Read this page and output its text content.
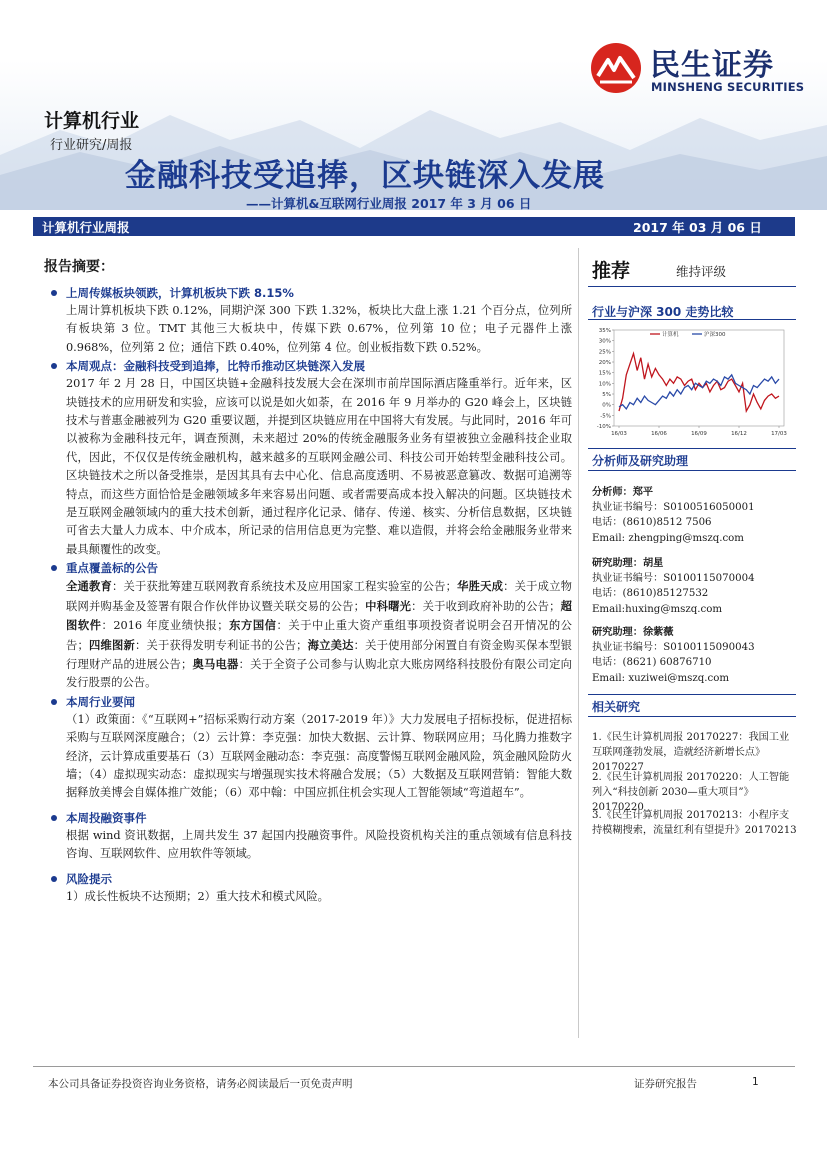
民生证券
MINSHENG SECURITIES
计算机行业
行业研究/周报
金融科技受追捧，区块链深入发展
——计算机&互联网行业周报 2017 年 3 月 06 日
计算机行业周报	2017 年 03 月 06 日
报告摘要：
上周传媒板块领跌，计算机板块下跌 8.15%
上周计算机板块下跌 0.12%，同期沪深 300 下跌 1.32%，板块比大盘上涨 1.21 个百分点，位列所有板块第 3 位。TMT 其他三大板块中，传媒下跌 0.67%，位列第 10 位；电子元器件上涨 0.968%，位列第 2 位；通信下跌 0.40%，位列第 4 位。创业板指数下跌 0.52%。
本周观点：金融科技受到追捧，比特币推动区块链深入发展
2017 年 2 月 28 日，中国区块链+金融科技发展大会在深圳市前岸国际酒店隆重举行。近年来，区块链技术的应用研发和实验，应该可以说是如火如荼，在 2016 年 9 月举办的 G20 峰会上，区块链技术与普惠金融被列为 G20 重要议题，并提到区块链应用在中国将大有发展。与此同时，2016 年可以被称为金融科技元年，调查预测，未来超过 20%的传统金融服务业务有望被独立金融科技企业取代，因此，不仅仅是传统金融机构，越来越多的互联网金融公司、科技公司开始转型金融科技公司。区块链技术之所以备受推崇，是因其具有去中心化、信息高度透明、不易被恶意篡改、数据可追溯等特点，而这些方面恰恰是金融领域多年来容易出问题、或者需要高成本投入解决的问题。区块链技术是互联网金融领域内的重大技术创新，通过程序化记录、储存、传递、核实、分析信息数据，区块链可省去大量人力成本、中介成本，所记录的信用信息更为完整、难以造假，并将会给金融服务业带来最具颠覆性的改变。
重点覆盖标的公告
全通教育：关于获批筹建互联网教育系统技术及应用国家工程实验室的公告；华胜天成：关于成立物联网并购基金及签署有限合作伙伴协议暨关联交易的公告；中科曙光：关于收到政府补助的公告；超图软件：2016 年度业绩快报；东方国信：关于中止重大资产重组事项投资者说明会召开情况的公告；四维图新：关于获得发明专利证书的公告；海立美达：关于使用部分闲置自有资金购买保本型银行理财产品的进展公告；奥马电器：关于全资子公司参与认购北京大账房网络科技股份有限公司定向发行股票的公告。
本周行业要闻
（1）政策面：《“互联网+”招标采购行动方案（2017-2019 年）》大力发展电子招标投标，促进招标采购与互联网深度融合；（2）云计算：李克强：加快大数据、云计算、物联网应用；马化腾力推数字经济，云计算成重要基石（3）互联网金融动态：李克强：高度警惕互联网金融风险，筑金融风险防火墙；（4）虚拟现实动态：虚拟现实与增强现实技术将融合发展；（5）大数据及互联网营销：智能大数据释放美博会自媒体推广效能；（6）邓中翰：中国应抓住机会实现人工智能领域“弯道超车”。
本周投融资事件
根据 wind 资讯数据，上周共发生 37 起国内投融资事件。风险投资机构关注的重点领域有信息科技咨询、互联网软件、应用软件等领域。
风险提示
1）成长性板块不达预期；2）重大技术和模式风险。
推荐	维持评级
行业与沪深 300 走势比较
35%
30%
25%
20%
15%
10%
5%
0%
-5%
-10%
16/03	16/06	16/09	16/12	17/03
计算机	沪深300
分析师及研究助理
分析师：郑平
执业证书编号：S0100516050001
电话：(8610)8512 7506
Email: zhengping@mszq.com
研究助理：胡星
执业证书编号：S0100115070004
电话：(8610)85127532
Email:huxing@mszq.com
研究助理：徐紫薇
执业证书编号：S0100115090043
电话：(8621) 60876710
Email: xuziwei@mszq.com
相关研究
1.《民生计算机周报 20170227：我国工业互联网蓬勃发展，造就经济新增长点》20170227
2.《民生计算机周报 20170220：人工智能列入“科技创新 2030—重大项目”》20170220
3.《民生计算机周报 20170213：小程序支持模糊搜索，流量红利有望提升》20170213
本公司具备证券投资咨询业务资格，请务必阅读最后一页免责声明	证券研究报告	1
